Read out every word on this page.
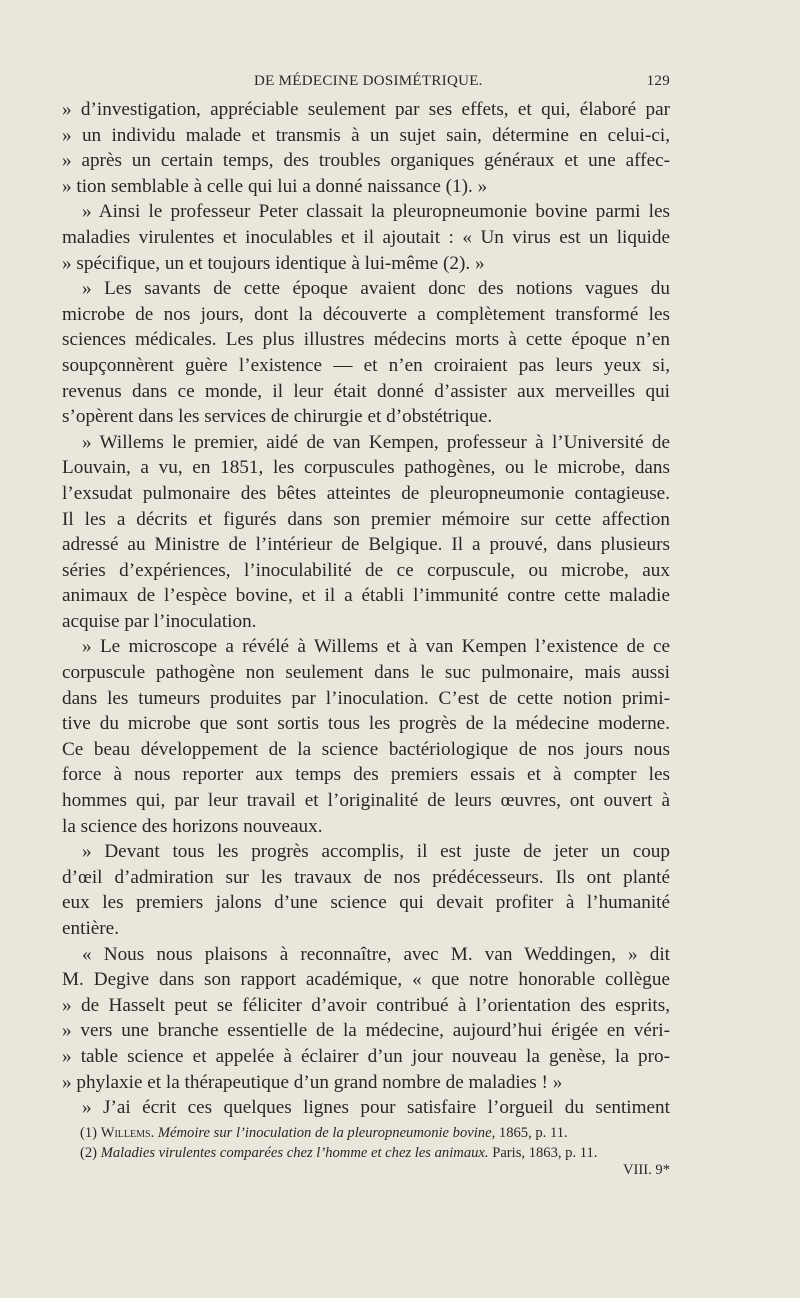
DE MÉDECINE DOSIMÉTRIQUE.	129
» d’investigation, appréciable seulement par ses effets, et qui, élaboré par
» un individu malade et transmis à un sujet sain, détermine en celui-ci,
» après un certain temps, des troubles organiques généraux et une affec-
» tion semblable à celle qui lui a donné naissance (1). »
» Ainsi le professeur Peter classait la pleuropneumonie bovine parmi les
maladies virulentes et inoculables et il ajoutait : « Un virus est un liquide
» spécifique, un et toujours identique à lui-même (2). »
» Les savants de cette époque avaient donc des notions vagues du
microbe de nos jours, dont la découverte a complètement transformé les
sciences médicales. Les plus illustres médecins morts à cette époque n’en
soupçonnèrent guère l’existence — et n’en croiraient pas leurs yeux si,
revenus dans ce monde, il leur était donné d’assister aux merveilles qui
s’opèrent dans les services de chirurgie et d’obstétrique.
» Willems le premier, aidé de van Kempen, professeur à l’Université de
Louvain, a vu, en 1851, les corpuscules pathogènes, ou le microbe, dans
l’exsudat pulmonaire des bêtes atteintes de pleuropneumonie contagieuse.
Il les a décrits et figurés dans son premier mémoire sur cette affection
adressé au Ministre de l’intérieur de Belgique. Il a prouvé, dans plusieurs
séries d’expériences, l’inoculabilité de ce corpuscule, ou microbe, aux
animaux de l’espèce bovine, et il a établi l’immunité contre cette maladie
acquise par l’inoculation.
» Le microscope a révélé à Willems et à van Kempen l’existence de ce
corpuscule pathogène non seulement dans le suc pulmonaire, mais aussi
dans les tumeurs produites par l’inoculation. C’est de cette notion primi-
tive du microbe que sont sortis tous les progrès de la médecine moderne.
Ce beau développement de la science bactériologique de nos jours nous
force à nous reporter aux temps des premiers essais et à compter les
hommes qui, par leur travail et l’originalité de leurs œuvres, ont ouvert à
la science des horizons nouveaux.
» Devant tous les progrès accomplis, il est juste de jeter un coup
d’œil d’admiration sur les travaux de nos prédécesseurs. Ils ont planté
eux les premiers jalons d’une science qui devait profiter à l’humanité
entière.
« Nous nous plaisons à reconnaître, avec M. van Weddingen, » dit
M. Degive dans son rapport académique, « que notre honorable collègue
» de Hasselt peut se féliciter d’avoir contribué à l’orientation des esprits,
» vers une branche essentielle de la médecine, aujourd’hui érigée en véri-
» table science et appelée à éclairer d’un jour nouveau la genèse, la pro-
» phylaxie et la thérapeutique d’un grand nombre de maladies ! »
» J’ai écrit ces quelques lignes pour satisfaire l’orgueil du sentiment
(1) Willems. Mémoire sur l’inoculation de la pleuropneumonie bovine, 1865, p. 11.
(2) Maladies virulentes comparées chez l’homme et chez les animaux. Paris, 1863, p. 11.
VIII. 9*
